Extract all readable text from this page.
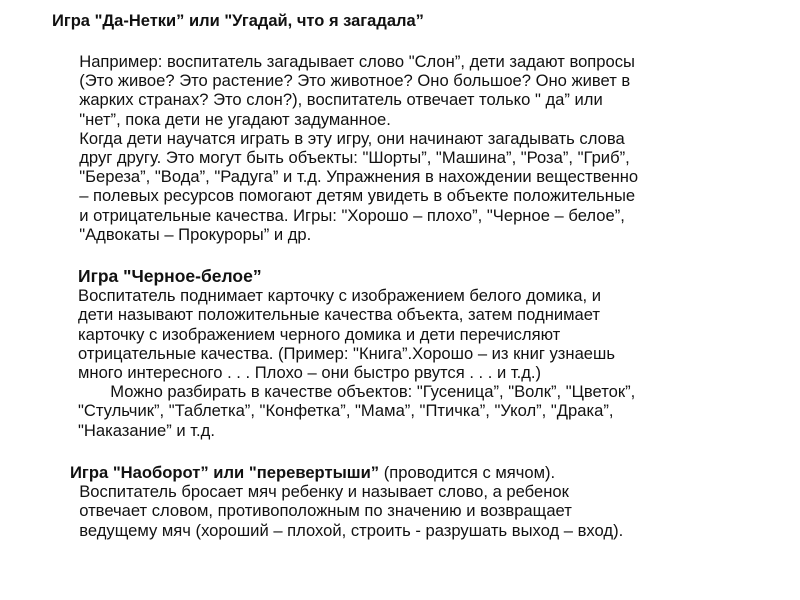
Игра "Да-Нетки” или "Угадай, что я загадала”
Например: воспитатель загадывает слово "Слон”, дети задают вопросы
(Это живое? Это растение? Это животное? Оно большое? Оно живет в
жарких странах? Это слон?), воспитатель отвечает только " да” или
"нет”, пока дети не угадают задуманное.
Когда дети научатся играть в эту игру, они начинают загадывать слова
друг другу. Это могут быть объекты: "Шорты”, "Машина”, "Роза”, "Гриб”,
"Береза”, "Вода”, "Радуга” и т.д. Упражнения в нахождении вещественно
– полевых ресурсов помогают детям увидеть в объекте положительные
и отрицательные качества. Игры: "Хорошо – плохо”, "Черное – белое”,
"Адвокаты – Прокуроры” и др.
Игра "Черное-белое”
Воспитатель поднимает карточку с изображением белого домика, и
дети называют положительные качества объекта, затем поднимает
карточку с изображением черного домика и дети перечисляют
отрицательные качества. (Пример: "Книга”.Хорошо – из книг узнаешь
много интересного . . . Плохо – они быстро рвутся . . . и т.д.)
Можно разбирать в качестве объектов: "Гусеница”, "Волк”, "Цветок”,
"Стульчик”, "Таблетка”, "Конфетка”, "Мама”, "Птичка”, "Укол”, "Драка”,
"Наказание” и т.д.
Игра "Наоборот” или "перевертыши” (проводится с мячом).
Воспитатель бросает мяч ребенку и называет слово, а ребенок
отвечает словом, противоположным по значению и возвращает
ведущему мяч (хороший – плохой, строить - разрушать выход – вход).
